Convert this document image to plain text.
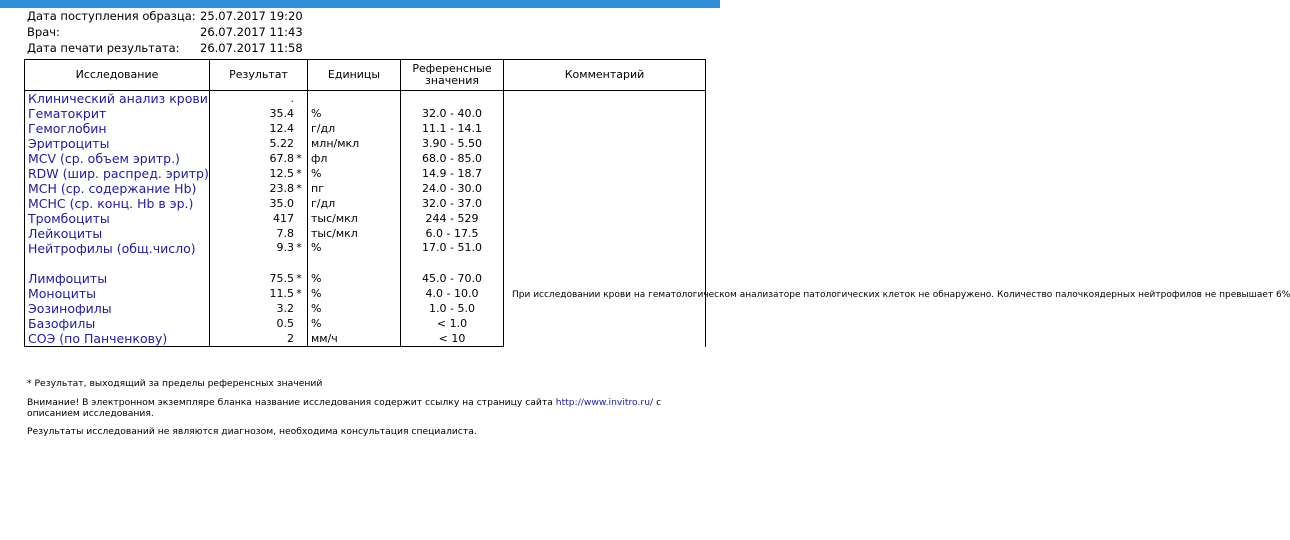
Дата поступления образца: 25.07.2017 19:20
Врач:	26.07.2017 11:43
Дата печати результата: 26.07.2017 11:58
Исследование	Результат	Единицы	Референсные значения	Комментарий
Клинический анализ крови	.			При исследовании крови на гематологическом анализаторе патологических клеток не обнаружено. Количество палочкоядерных нейтрофилов не превышает 6%

Гематокрит	35.4	%	32.0 - 40.0	
Гемоглобин	12.4	г/дл	11.1 - 14.1	
Эритроциты	5.22	млн/мкл	3.90 - 5.50	
MCV (ср. объем эритр.)	67.8 *	фл	68.0 - 85.0	
RDW (шир. распред. эритр)	12.5 *	%	14.9 - 18.7	
MCH (ср. содержание Hb)	23.8 *	пг	24.0 - 30.0	
MCHC (ср. конц. Hb в эр.)	35.0	г/дл	32.0 - 37.0	
Тромбоциты	417	тыс/мкл	244 - 529	
Лейкоциты	7.8	тыс/мкл	6.0 - 17.5	
Нейтрофилы (общ.число)	9.3 *	%	17.0 - 51.0	
Лимфоциты	75.5 *	%	45.0 - 70.0	
Моноциты	11.5 *	%	4.0 - 10.0	
Эозинофилы	3.2	%	1.0 - 5.0	
Базофилы	0.5	%	< 1.0	
СОЭ (по Панченкову)	2	мм/ч	< 10	
* Результат, выходящий за пределы референсных значений
Внимание! В электронном экземпляре бланка название исследования содержит ссылку на страницу сайта http://www.invitro.ru/ с описанием исследования.
Результаты исследований не являются диагнозом, необходима консультация специалиста.
